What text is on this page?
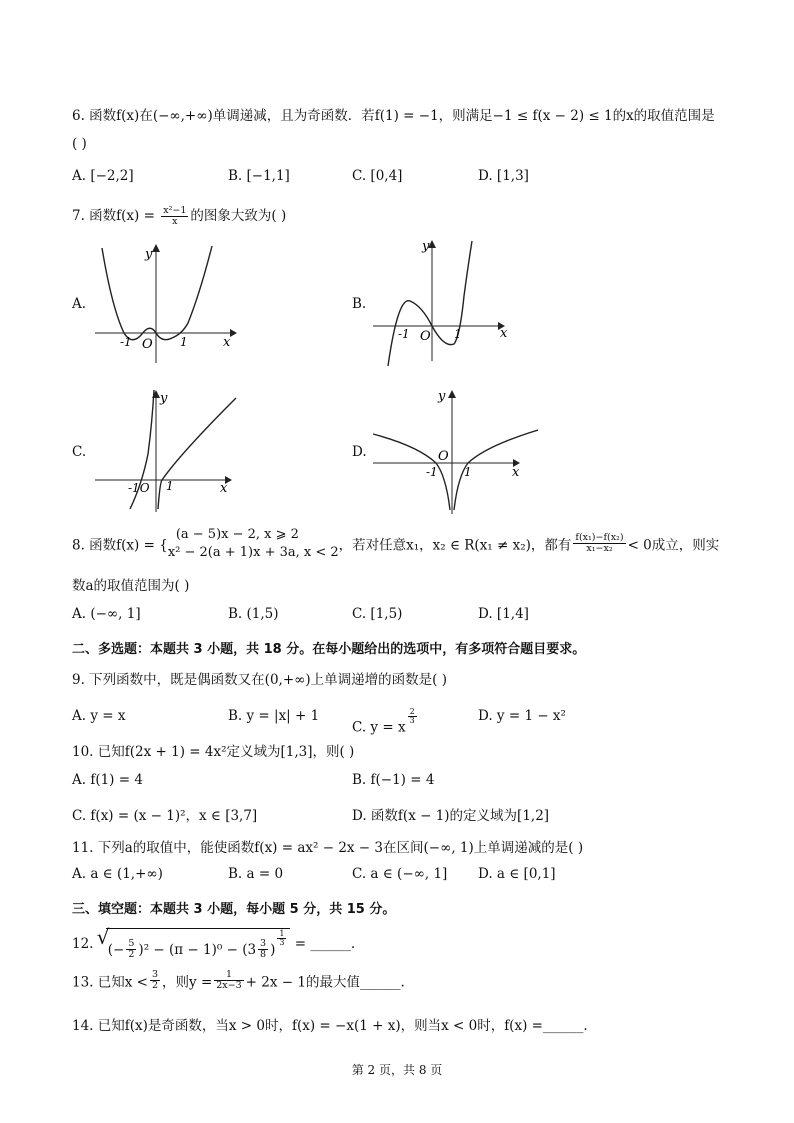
6. 函数f(x)在(−∞,+∞)单调递减，且为奇函数．若f(1) = −1，则满足−1 ≤ f(x − 2) ≤ 1的x的取值范围是
( )
A. [−2,2]	B. [−1,1]	C. [0,4]	D. [1,3]
7. 函数$f(x) = \frac{\text{x²−1}}{x}$ 的图象大致为( )
A.
y
x
-1 O 1
B.
y
x
-1 O 1
C.
y
x
-1O 1
D.
y
x
O
-1 1
8. 函数f(x) = {
(a − 5)x − 2, x ⩾ 2
x² − 2(a + 1)x + 3a, x < 2 ，若对任意x₁，x₂ ∈ R(x₁ ≠ x₂)，都有 $\frac{\text{f(x₁)−f(x₂)}}{\text{x₁−x₂}} < 0$成立，则实
数a的取值范围为( )
A. (−∞, 1]	B. (1,5)	C. [1,5)	D. [1,4]
二、多选题：本题共 3 小题，共 18 分。在每小题给出的选项中，有多项符合题目要求。
9. 下列函数中，既是偶函数又在(0,+∞)上单调递增的函数是( )
A. y = x	B. y = |x| + 1
C. y = x
$\frac{2}{3}$	D. y = 1 − x²
10. 已知f(2x + 1) = 4x²定义域为[1,3]，则( )
A. f(1) = 4	B. f(−1) = 4
C. f(x) = (x − 1)²，x ∈ [3,7]	D. 函数f(x − 1)的定义域为[1,2]
11. 下列a的取值中，能使函数f(x) = ax² − 2x − 3在区间(−∞, 1)上单调递减的是( )
A. a ∈ (1,+∞)	B. a = 0	C. a ∈ (−∞, 1] D. a ∈ [0,1]
三、填空题：本题共 3 小题，每小题 5 分，共 15 分。
12. √
(− $\frac{5}{2} )^2 - (\pi - 1)^0 - (3 \frac{3}{8}$ )
$\frac{1}{3}$ = ______.
13. 已知$x < \frac{3}{2}$ ，则$y = \frac{1}{2x-3} + 2x - 1$的最大值______.
14. 已知f(x)是奇函数，当x > 0时，f(x) = −x(1 + x)，则当x < 0时，f(x) =______.
第 2 页，共 8 页
